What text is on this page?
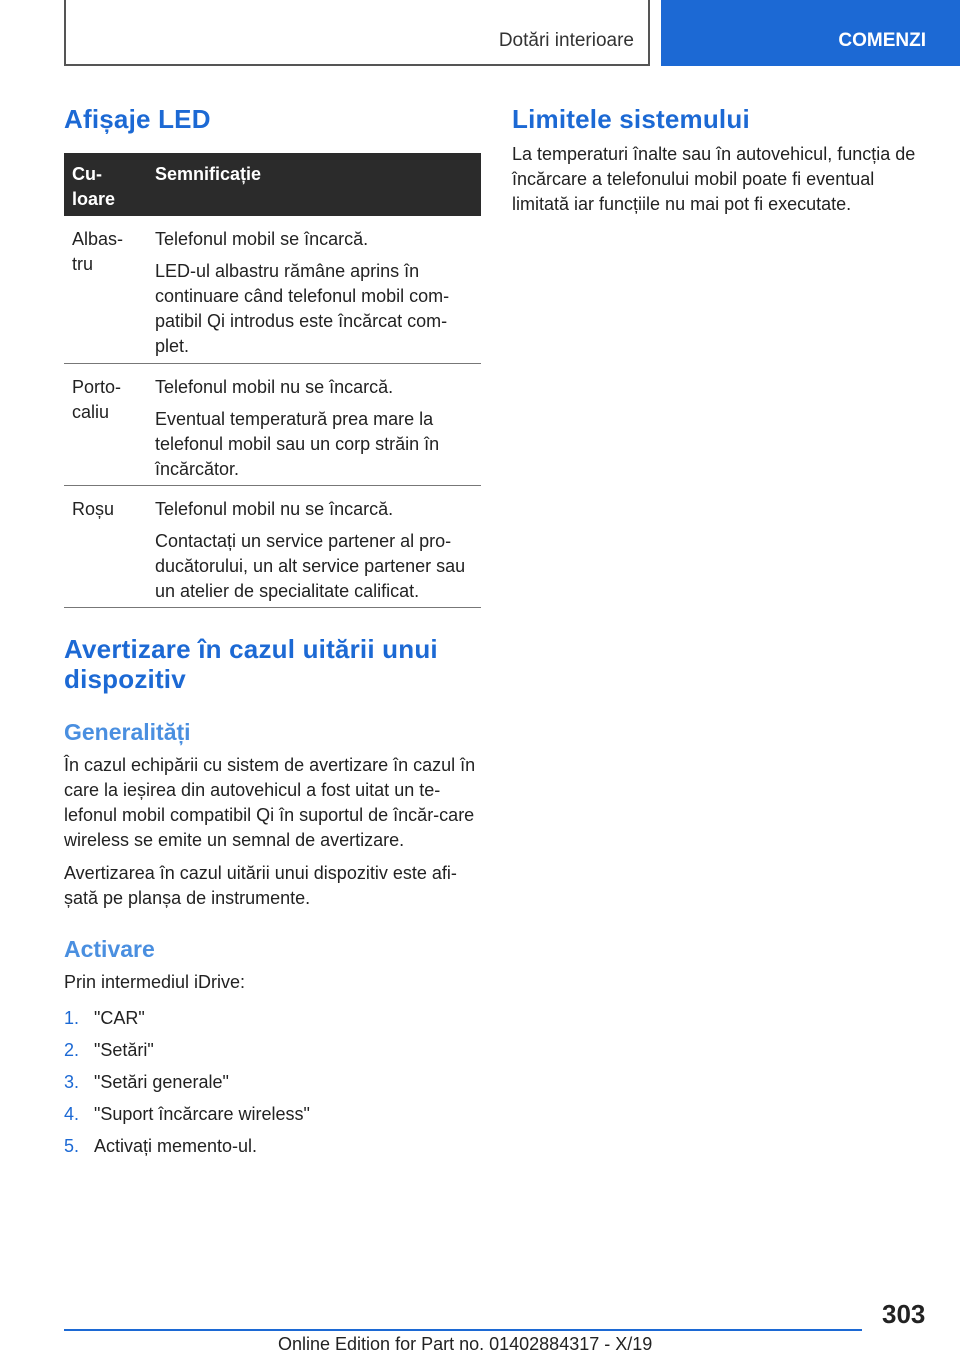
Dotări interioare	COMENZI
Afișaje LED
Cu-
loare
Semnificație
Albas-
tru
Telefonul mobil se încarcă.
LED-ul albastru rămâne aprins în continuare când telefonul mobil com-patibil Qi introdus este încărcat com-plet.
Porto-
caliu
Telefonul mobil nu se încarcă.
Eventual temperatură prea mare la telefonul mobil sau un corp străin în încărcător.
Roșu Telefonul mobil nu se încarcă.
Contactați un service partener al pro-ducătorului, un alt service partener sau un atelier de specialitate calificat.
Avertizare în cazul uitării unui dispozitiv
Generalități
În cazul echipării cu sistem de avertizare în cazul în care la ieșirea din autovehicul a fost uitat un te-lefonul mobil compatibil Qi în suportul de încăr-care wireless se emite un semnal de avertizare.
Avertizarea în cazul uitării unui dispozitiv este afi-șată pe planșa de instrumente.
Activare
Prin intermediul iDrive:
1. "CAR"
2. "Setări"
3. "Setări generale"
4. "Suport încărcare wireless"
5. Activați memento-ul.
Limitele sistemului
La temperaturi înalte sau în autovehicul, funcția de încărcare a telefonului mobil poate fi eventual limitată iar funcțiile nu mai pot fi executate.
303
Online Edition for Part no. 01402884317 - X/19
